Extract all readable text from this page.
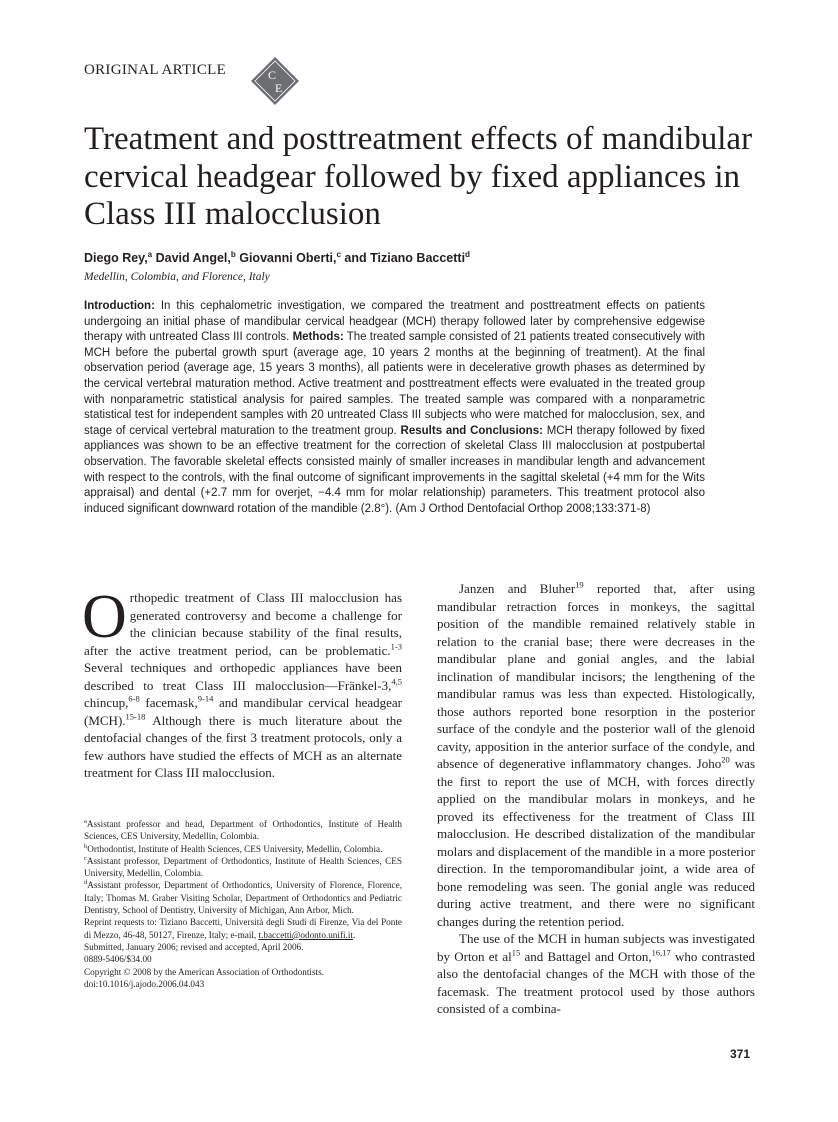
ORIGINAL ARTICLE	C
E
Treatment and posttreatment effects of mandibular cervical headgear followed by fixed appliances in Class III malocclusion
Diego Rey,$^a$ David Angel,$^b$ Giovanni Oberti,$^c$ and Tiziano Baccetti$^d$
Medellin, Colombia, and Florence, Italy

Introduction: In this cephalometric investigation, we compared the treatment and posttreatment effects on patients undergoing an initial phase of mandibular cervical headgear (MCH) therapy followed later by comprehensive edgewise therapy with untreated Class III controls. Methods: The treated sample consisted of 21 patients treated consecutively with MCH before the pubertal growth spurt (average age, 10 years 2 months at the beginning of treatment). At the final observation period (average age, 15 years 3 months), all patients were in decelerative growth phases as determined by the cervical vertebral maturation method. Active treatment and posttreatment effects were evaluated in the treated group with nonparametric statistical analysis for paired samples. The treated sample was compared with a nonparametric statistical test for independent samples with 20 untreated Class III subjects who were matched for malocclusion, sex, and stage of cervical vertebral maturation to the treatment group. Results and Conclusions: MCH therapy followed by fixed appliances was shown to be an effective treatment for the correction of skeletal Class III malocclusion at postpubertal observation. The favorable skeletal effects consisted mainly of smaller increases in mandibular length and advancement with respect to the controls, with the final outcome of significant improvements in the sagittal skeletal (+4 mm for the Wits appraisal) and dental (+2.7 mm for overjet, −4.4 mm for molar relationship) parameters. This treatment protocol also induced significant downward rotation of the mandible (2.8°). (Am J Orthod Dentofacial Orthop 2008;133:371-8)

Orthopedic treatment of Class III malocclusion has generated controversy and become a challenge for the clinician because stability of the final results, after the active treatment period, can be problematic.$^{1-3}$ Several techniques and orthopedic appliances have been described to treat Class III malocclusion—Fränkel-3,$^{4,5}$ chincup,$^{6-8}$ facemask,$^{9-14}$ and mandibular cervical headgear (MCH).$^{15-18}$ Although there is much literature about the dentofacial changes of the first 3 treatment protocols, only a few authors have studied the effects of MCH as an alternate treatment for Class III malocclusion.

$^a$Assistant professor and head, Department of Orthodontics, Institute of Health Sciences, CES University, Medellin, Colombia.

$^b$Orthodontist, Institute of Health Sciences, CES University, Medellin, Colombia.

$^c$Assistant professor, Department of Orthodontics, Institute of Health Sciences, CES University, Medellin, Colombia.

$^d$Assistant professor, Department of Orthodontics, University of Florence, Florence, Italy; Thomas M. Graber Visiting Scholar, Department of Orthodontics and Pediatric Dentistry, School of Dentistry, University of Michigan, Ann Arbor, Mich.

Reprint requests to: Tiziano Baccetti, Università degli Studi di Firenze, Via del Ponte di Mezzo, 46-48, 50127, Firenze, Italy; e-mail, t.baccetti@odonto.unifi.it.

Submitted, January 2006; revised and accepted, April 2006.

0889-5406/$34.00

Copyright © 2008 by the American Association of Orthodontists.

doi:10.1016/j.ajodo.2006.04.043

Janzen and Bluher$^{19}$ reported that, after using mandibular retraction forces in monkeys, the sagittal position of the mandible remained relatively stable in relation to the cranial base; there were decreases in the mandibular plane and gonial angles, and the labial inclination of mandibular incisors; the lengthening of the mandibular ramus was less than expected. Histologically, those authors reported bone resorption in the posterior surface of the condyle and the posterior wall of the glenoid cavity, apposition in the anterior surface of the condyle, and absence of degenerative inflammatory changes. Joho$^{20}$ was the first to report the use of MCH, with forces directly applied on the mandibular molars in monkeys, and he proved its effectiveness for the treatment of Class III malocclusion. He described distalization of the mandibular molars and displacement of the mandible in a more posterior direction. In the temporomandibular joint, a wide area of bone remodeling was seen. The gonial angle was reduced during active treatment, and there were no significant changes during the retention period.

The use of the MCH in human subjects was investigated by Orton et $al^{15}$ and Battagel and Orton,$^{16,17}$ who contrasted also the dentofacial changes of the MCH with those of the facemask. The treatment protocol used by those authors consisted of a combina-

371
